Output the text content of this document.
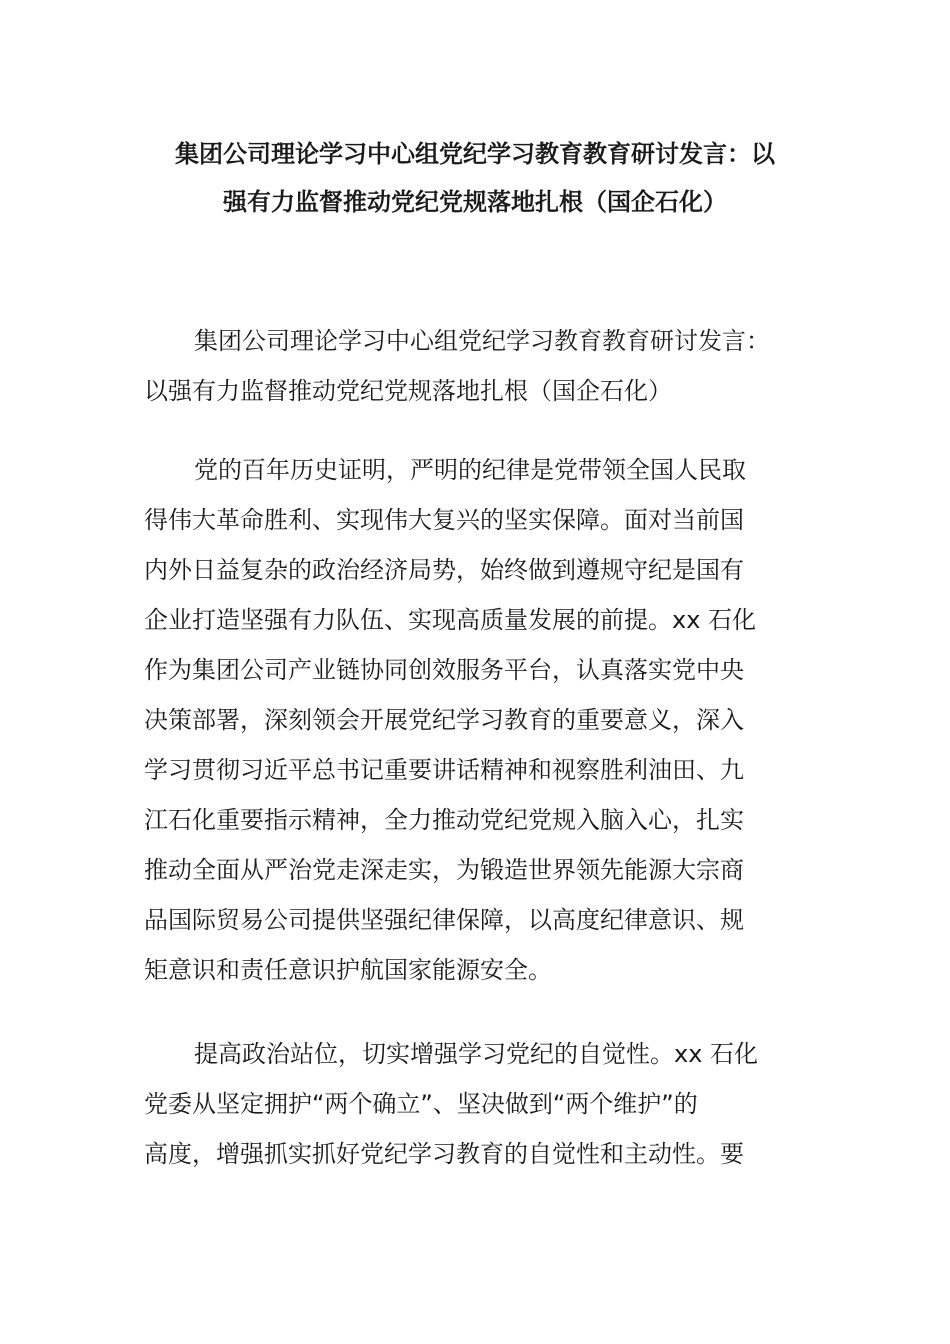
集团公司理论学习中心组党纪学习教育教育研讨发言：以
强有力监督推动党纪党规落地扎根（国企石化）

集团公司理论学习中心组党纪学习教育教育研讨发言：
以强有力监督推动党纪党规落地扎根（国企石化）

党的百年历史证明，严明的纪律是党带领全国人民取
得伟大革命胜利、实现伟大复兴的坚实保障。面对当前国
内外日益复杂的政治经济局势，始终做到遵规守纪是国有
企业打造坚强有力队伍、实现高质量发展的前提。xx 石化
作为集团公司产业链协同创效服务平台，认真落实党中央
决策部署，深刻领会开展党纪学习教育的重要意义，深入
学习贯彻习近平总书记重要讲话精神和视察胜利油田、九
江石化重要指示精神，全力推动党纪党规入脑入心，扎实
推动全面从严治党走深走实，为锻造世界领先能源大宗商
品国际贸易公司提供坚强纪律保障，以高度纪律意识、规
矩意识和责任意识护航国家能源安全。

提高政治站位，切实增强学习党纪的自觉性。xx 石化
党委从坚定拥护“两个确立”、坚决做到“两个维护”的
高度，增强抓实抓好党纪学习教育的自觉性和主动性。要
